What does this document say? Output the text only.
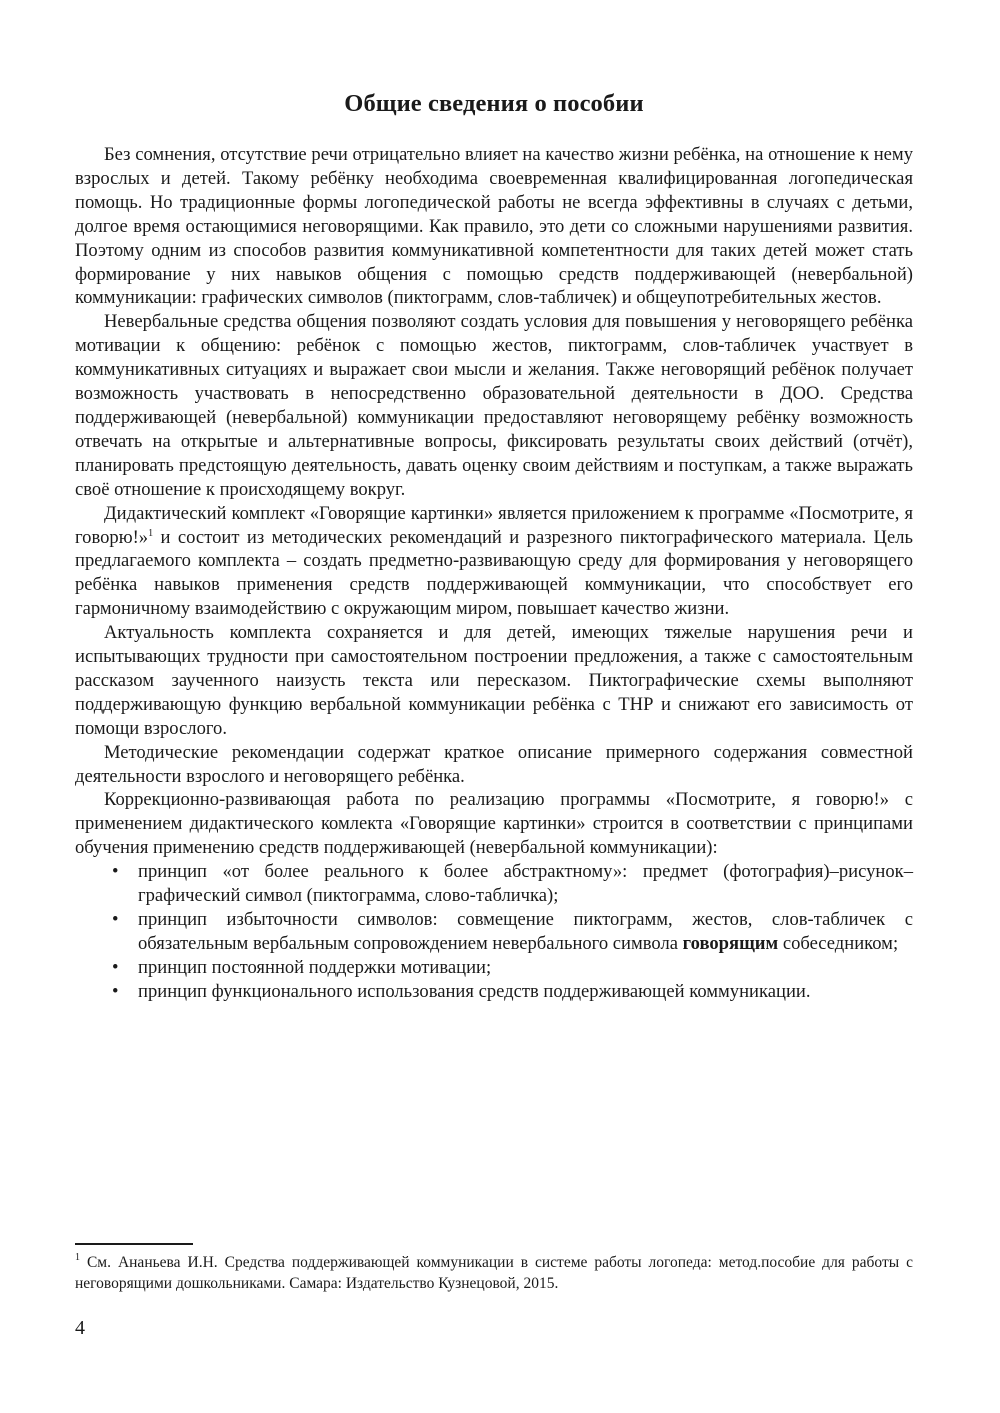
Общие сведения о пособии

Без сомнения, отсутствие речи отрицательно влияет на качество жизни ребёнка, на отношение к нему взрослых и детей. Такому ребёнку необходима своевременная квалифицированная логопедическая помощь. Но традиционные формы логопедической работы не всегда эффективны в случаях с детьми, долгое время остающимися неговорящими. Как правило, это дети со сложными нарушениями развития. Поэтому одним из способов развития коммуникативной компетентности для таких детей может стать формирование у них навыков общения с помощью средств поддерживающей (невербальной) коммуникации: графических символов (пиктограмм, слов-табличек) и общеупотребительных жестов.

Невербальные средства общения позволяют создать условия для повышения у неговорящего ребёнка мотивации к общению: ребёнок с помощью жестов, пиктограмм, слов-табличек участвует в коммуникативных ситуациях и выражает свои мысли и желания. Также неговорящий ребёнок получает возможность участвовать в непосредственно образовательной деятельности в ДОО. Средства поддерживающей (невербальной) коммуникации предоставляют неговорящему ребёнку возможность отвечать на открытые и альтернативные вопросы, фиксировать результаты своих действий (отчёт), планировать предстоящую деятельность, давать оценку своим действиям и поступкам, а также выражать своё отношение к происходящему вокруг.

Дидактический комплект «Говорящие картинки» является приложением к программе «Посмотрите, я говорю!»$^1$ и состоит из методических рекомендаций и разрезного пиктографического материала. Цель предлагаемого комплекта – создать предметно-развивающую среду для формирования у неговорящего ребёнка навыков применения средств поддерживающей коммуникации, что способствует его гармоничному взаимодействию с окружающим миром, повышает качество жизни.

Актуальность комплекта сохраняется и для детей, имеющих тяжелые нарушения речи и испытывающих трудности при самостоятельном построении предложения, а также с самостоятельным рассказом заученного наизусть текста или пересказом. Пиктографические схемы выполняют поддерживающую функцию вербальной коммуникации ребёнка с ТНР и снижают его зависимость от помощи взрослого.

Методические рекомендации содержат краткое описание примерного содержания совместной деятельности взрослого и неговорящего ребёнка.

Коррекционно-развивающая работа по реализацию программы «Посмотрите, я говорю!» с применением дидактического комлекта «Говорящие картинки» строится в соответствии с принципами обучения применению средств поддерживающей (невербальной коммуникации):

• принцип «от более реального к более абстрактному»: предмет (фотография)–рисунок–графический символ (пиктограмма, слово-табличка);
• принцип избыточности символов: совмещение пиктограмм, жестов, слов-табличек с обязательным вербальным сопровождением невербального символа говорящим собеседником;
• принцип постоянной поддержки мотивации;
• принцип функционального использования средств поддерживающей коммуникации.
$^1$ См. Ананьева И.Н. Средства поддерживающей коммуникации в системе работы логопеда: метод.пособие для работы с неговорящими дошкольниками. Самара: Издательство Кузнецовой, 2015.
4
